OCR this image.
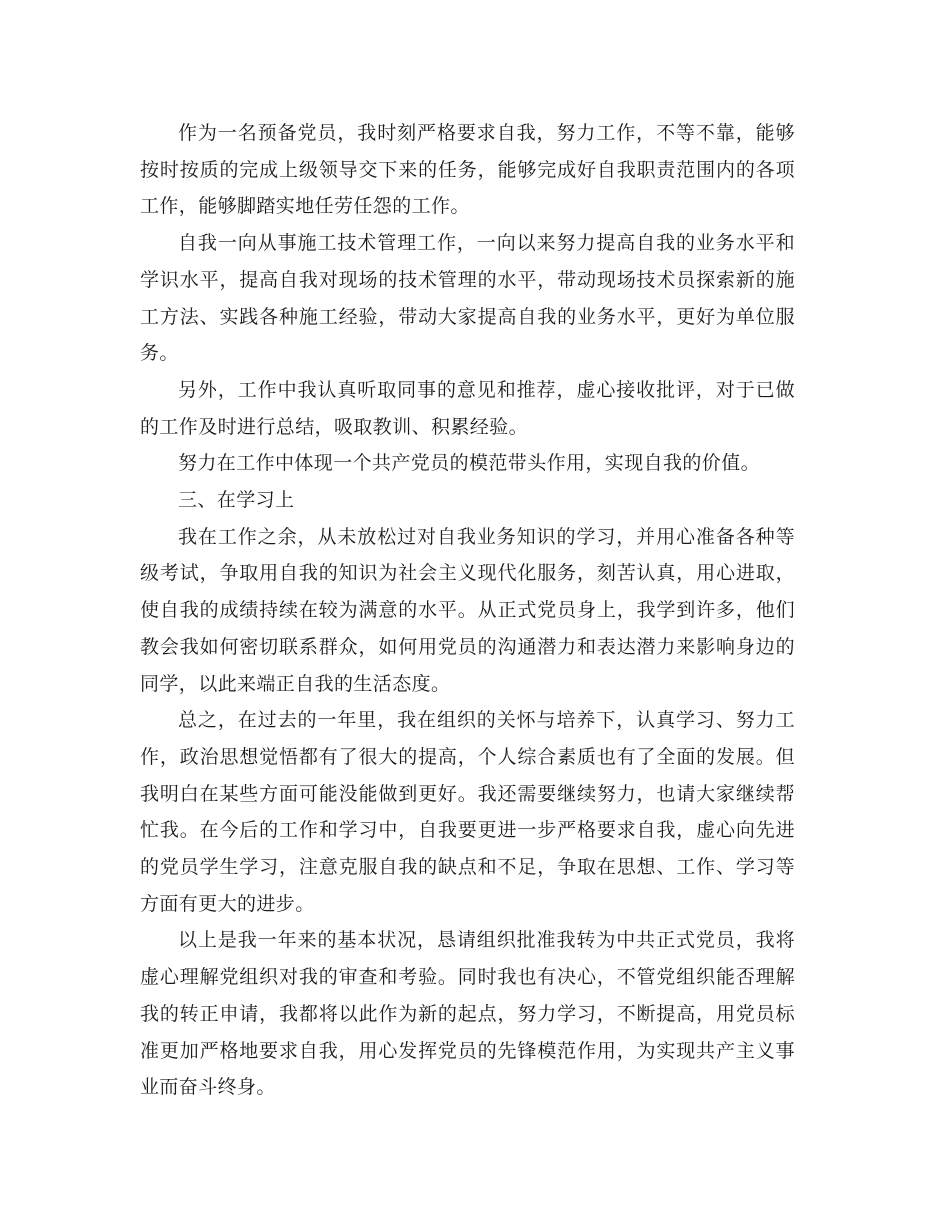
作为一名预备党员，我时刻严格要求自我，努力工作，不等不靠，能够按时按质的完成上级领导交下来的任务，能够完成好自我职责范围内的各项工作，能够脚踏实地任劳任怨的工作。

自我一向从事施工技术管理工作，一向以来努力提高自我的业务水平和学识水平，提高自我对现场的技术管理的水平，带动现场技术员探索新的施工方法、实践各种施工经验，带动大家提高自我的业务水平，更好为单位服务。

另外，工作中我认真听取同事的意见和推荐，虚心接收批评，对于已做的工作及时进行总结，吸取教训、积累经验。

努力在工作中体现一个共产党员的模范带头作用，实现自我的价值。

三、在学习上

我在工作之余，从未放松过对自我业务知识的学习，并用心准备各种等级考试，争取用自我的知识为社会主义现代化服务，刻苦认真，用心进取，使自我的成绩持续在较为满意的水平。从正式党员身上，我学到许多，他们教会我如何密切联系群众，如何用党员的沟通潜力和表达潜力来影响身边的同学，以此来端正自我的生活态度。

总之，在过去的一年里，我在组织的关怀与培养下，认真学习、努力工作，政治思想觉悟都有了很大的提高，个人综合素质也有了全面的发展。但我明白在某些方面可能没能做到更好。我还需要继续努力，也请大家继续帮忙我。在今后的工作和学习中，自我要更进一步严格要求自我，虚心向先进的党员学生学习，注意克服自我的缺点和不足，争取在思想、工作、学习等方面有更大的进步。

以上是我一年来的基本状况，恳请组织批准我转为中共正式党员，我将虚心理解党组织对我的审查和考验。同时我也有决心，不管党组织能否理解我的转正申请，我都将以此作为新的起点，努力学习，不断提高，用党员标准更加严格地要求自我，用心发挥党员的先锋模范作用，为实现共产主义事业而奋斗终身。
